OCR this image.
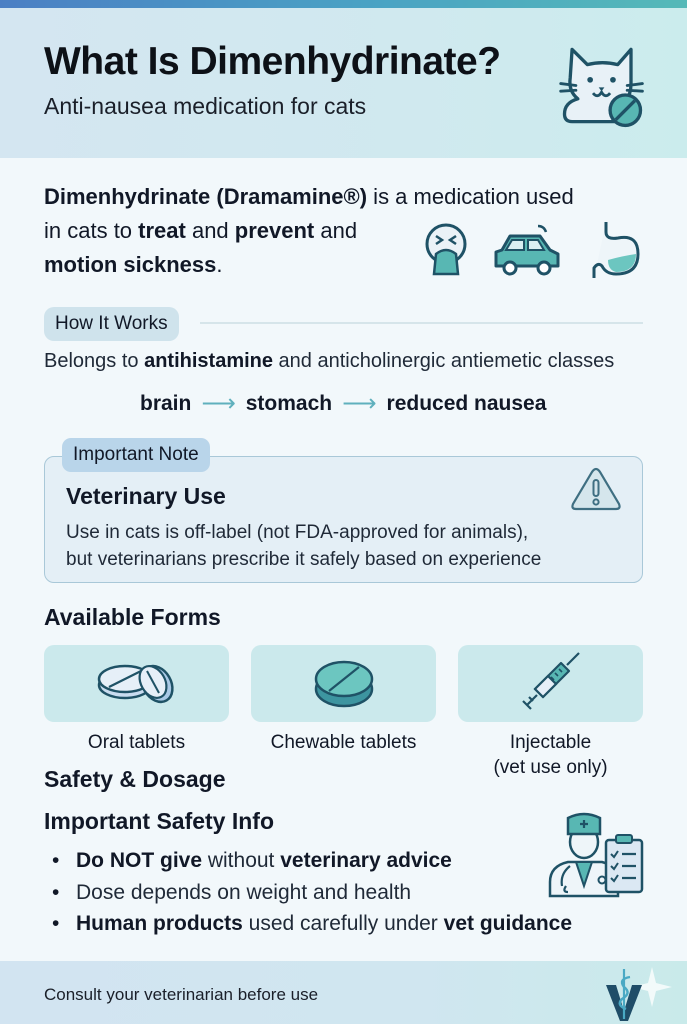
What Is Dimenhydrinate?
Anti-nausea medication for cats
Dimenhydrinate (Dramamine®) is a medication used
in cats to treat and prevent and
motion sickness.
How It Works

Belongs to antihistamine and anticholinergic antiemetic classes

brain ⟶ stomach ⟶ reduced nausea
Important Note
Veterinary Use
Use in cats is off-label (not FDA-approved for animals),
but veterinarians prescribe it safely based on experience
Available Forms
Oral tablets	Chewable tablets	Injectable
(vet use only)
Safety & Dosage
Important Safety Info
• Do NOT give without veterinary advice
• Dose depends on weight and health
• Human products used carefully under vet guidance
Consult your veterinarian before use
